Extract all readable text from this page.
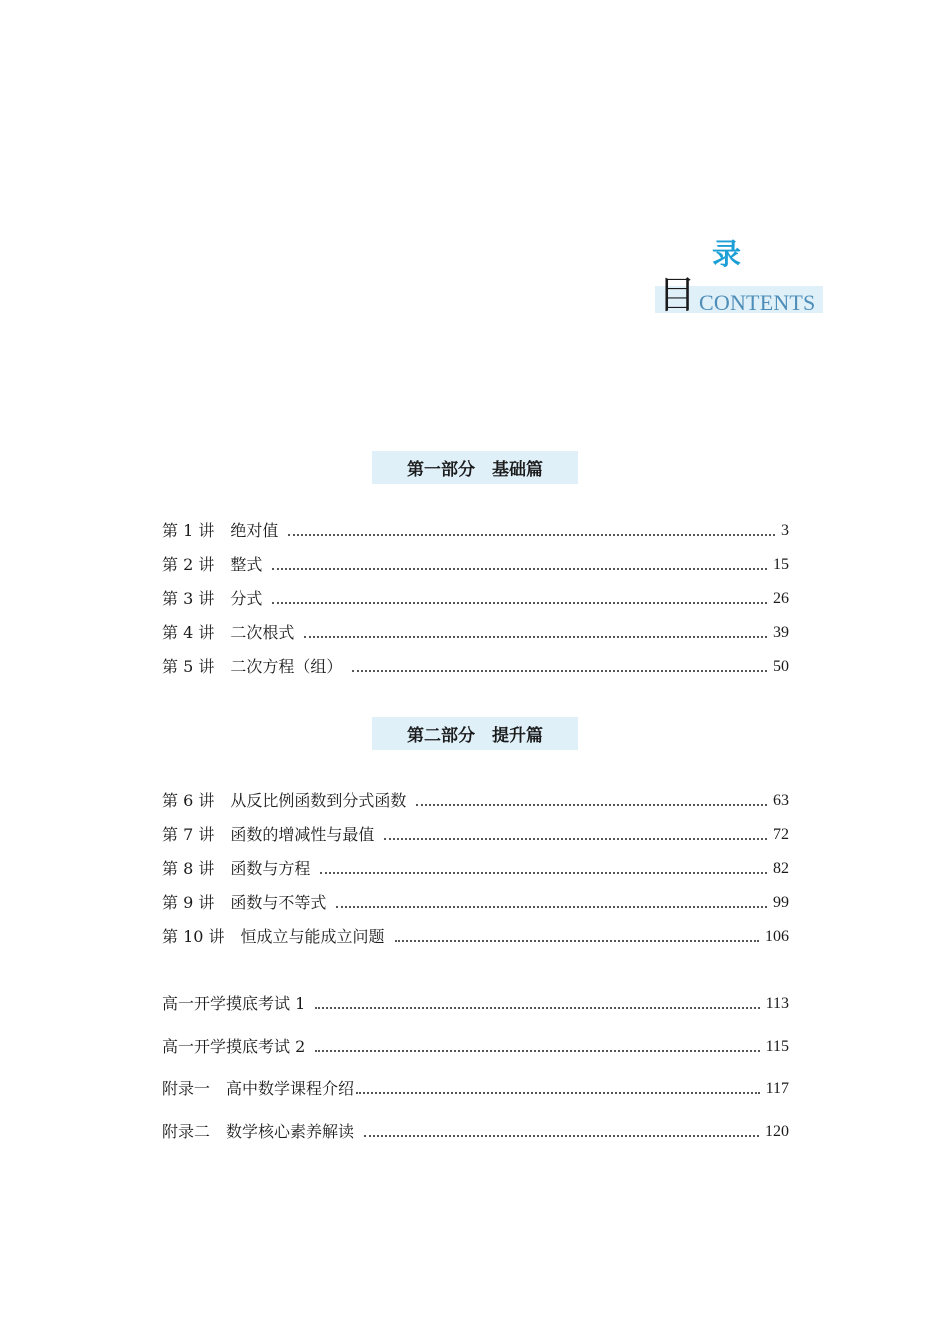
录
目 CONTENTS
第一部分　基础篇
第 1 讲　绝对值	3
第 2 讲　整式	15
第 3 讲　分式	26
第 4 讲　二次根式	39
第 5 讲　二次方程（组）	50
第二部分　提升篇
第 6 讲　从反比例函数到分式函数	63
第 7 讲　函数的增减性与最值	72
第 8 讲　函数与方程	82
第 9 讲　函数与不等式	99
第 10 讲　恒成立与能成立问题	106
高一开学摸底考试 1	113
高一开学摸底考试 2	115
附录一　高中数学课程介绍	117
附录二　数学核心素养解读	120
